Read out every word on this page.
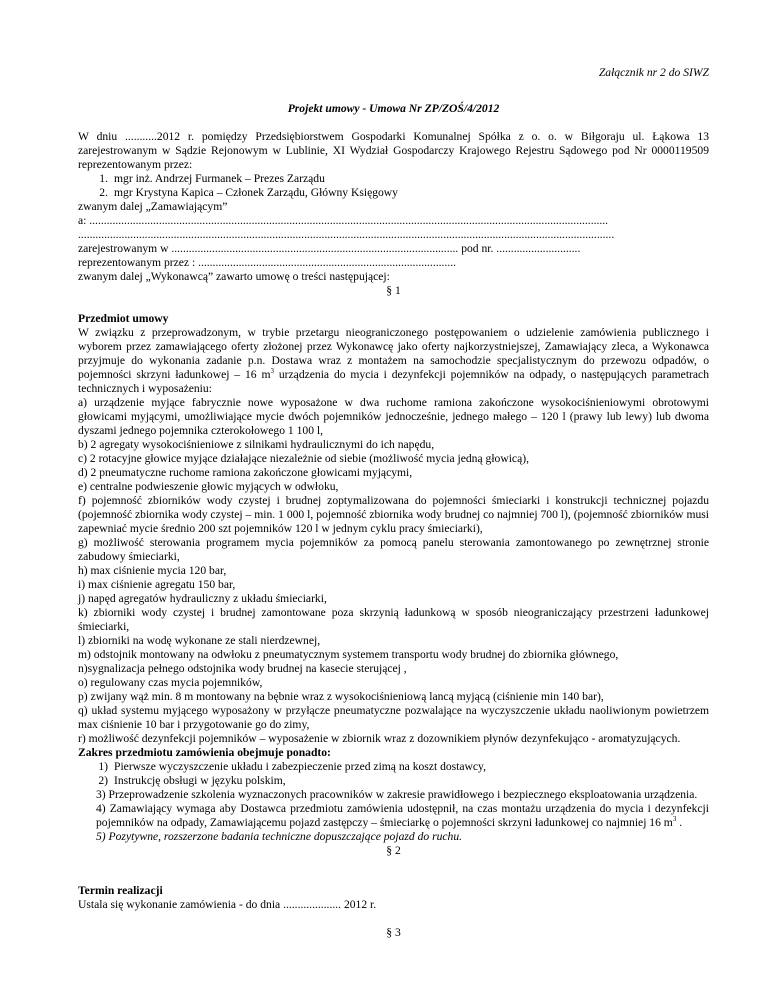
Załącznik nr 2 do SIWZ
Projekt umowy - Umowa Nr ZP/ZOŚ/4/2012

W dniu ...........2012 r. pomiędzy Przedsiębiorstwem Gospodarki Komunalnej Spółka z o. o. w Biłgoraju ul. Łąkowa 13 zarejestrowanym w Sądzie Rejonowym w Lublinie, XI Wydział Gospodarczy Krajowego Rejestru Sądowego pod Nr 0000119509 reprezentowanym przez:

1. mgr inż. Andrzej Furmanek – Prezes Zarządu
2. mgr Krystyna Kapica – Członek Zarządu, Główny Księgowy

zwanym dalej „Zamawiającym”

a: ...................................................................................................................................................................................

.........................................................................................................................................................................................

zarejestrowanym w ................................................................................................... pod nr. .............................

reprezentowanym przez : .........................................................................................

zwanym dalej „Wykonawcą” zawarto umowę o treści następującej:

§ 1

Przedmiot umowy

W związku z przeprowadzonym, w trybie przetargu nieograniczonego postępowaniem o udzielenie zamówienia publicznego i wyborem przez zamawiającego oferty złożonej przez Wykonawcę jako oferty najkorzystniejszej, Zamawiający zleca, a Wykonawca przyjmuje do wykonania zadanie p.n. Dostawa wraz z montażem na samochodzie specjalistycznym do przewozu odpadów, o pojemności skrzyni ładunkowej – 16 $m^3$ urządzenia do mycia i dezynfekcji pojemników na odpady, o następujących parametrach technicznych i wyposażeniu:

a) urządzenie myjące fabrycznie nowe wyposażone w dwa ruchome ramiona zakończone wysokociśnieniowymi obrotowymi głowicami myjącymi, umożliwiające mycie dwóch pojemników jednocześnie, jednego małego – 120 l (prawy lub lewy) lub dwoma dyszami jednego pojemnika czterokołowego 1 100 l,

b) 2 agregaty wysokociśnieniowe z silnikami hydraulicznymi do ich napędu,

c) 2 rotacyjne głowice myjące działające niezależnie od siebie (możliwość mycia jedną głowicą),

d) 2 pneumatyczne ruchome ramiona zakończone głowicami myjącymi,

e) centralne podwieszenie głowic myjących w odwłoku,

f) pojemność zbiorników wody czystej i brudnej zoptymalizowana do pojemności śmieciarki i konstrukcji technicznej pojazdu (pojemność zbiornika wody czystej – min. 1 000 l, pojemność zbiornika wody brudnej co najmniej 700 l), (pojemność zbiorników musi zapewniać mycie średnio 200 szt pojemników 120 l w jednym cyklu pracy śmieciarki),

g) możliwość sterowania programem mycia pojemników za pomocą panelu sterowania zamontowanego po zewnętrznej stronie zabudowy śmieciarki,

h) max ciśnienie mycia 120 bar,

i) max ciśnienie agregatu 150 bar,

j) napęd agregatów hydrauliczny z układu śmieciarki,

k) zbiorniki wody czystej i brudnej zamontowane poza skrzynią ładunkową w sposób nieograniczający przestrzeni ładunkowej śmieciarki,

l) zbiorniki na wodę wykonane ze stali nierdzewnej,

m) odstojnik montowany na odwłoku z pneumatycznym systemem transportu wody brudnej do zbiornika głównego,

n)sygnalizacja pełnego odstojnika wody brudnej na kasecie sterującej ,

o) regulowany czas mycia pojemników,

p) zwijany wąż min. 8 m montowany na bębnie wraz z wysokociśnieniową lancą myjącą (ciśnienie min 140 bar),

q) układ systemu myjącego wyposażony w przyłącze pneumatyczne pozwalające na wyczyszczenie układu naoliwionym powietrzem max ciśnienie 10 bar i przygotowanie go do zimy,

r) możliwość dezynfekcji pojemników – wyposażenie w zbiornik wraz z dozownikiem płynów dezynfekująco - aromatyzujących.

Zakres przedmiotu zamówienia obejmuje ponadto:

1) Pierwsze wyczyszczenie układu i zabezpieczenie przed zimą na koszt dostawcy,
2) Instrukcję obsługi w języku polskim,

3) Przeprowadzenie szkolenia wyznaczonych pracowników w zakresie prawidłowego i bezpiecznego eksploatowania urządzenia.

4) Zamawiający wymaga aby Dostawca przedmiotu zamówienia udostępnił, na czas montażu urządzenia do mycia i dezynfekcji pojemników na odpady, Zamawiającemu pojazd zastępczy – śmieciarkę o pojemności skrzyni ładunkowej co najmniej 16 $m^3$ .

5) Pozytywne, rozszerzone badania techniczne dopuszczające pojazd do ruchu.

§ 2

Termin realizacji

Ustala się wykonanie zamówienia - do dnia .................... 2012 r.

§ 3
